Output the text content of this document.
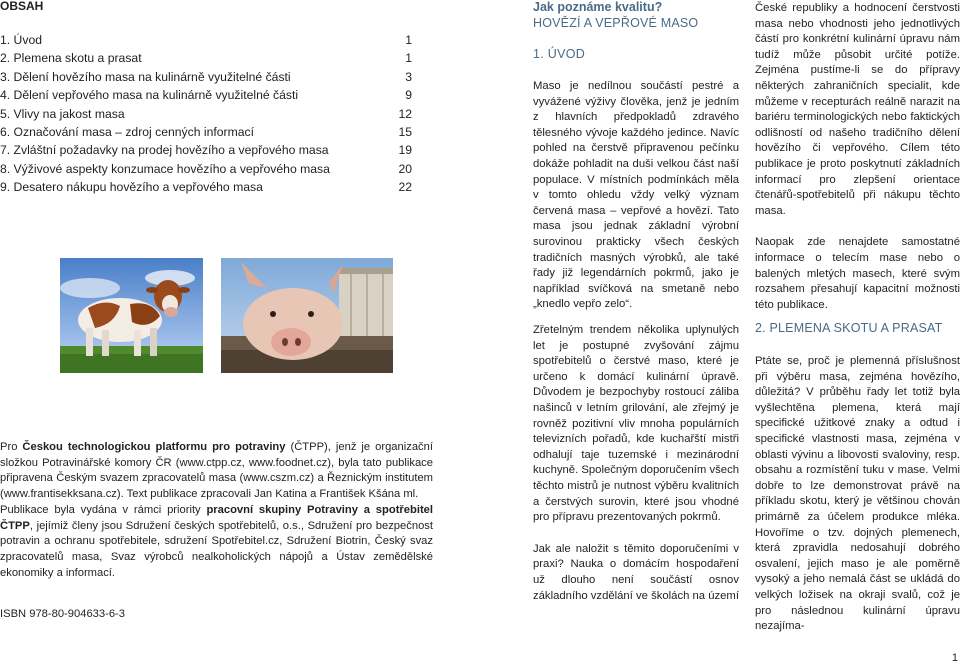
OBSAH
1. Úvod	1
2. Plemena skotu a prasat	1
3. Dělení hovězího masa na kulinárně využitelné části	3
4. Dělení vepřového masa na kulinárně využitelné části	9
5. Vlivy na jakost masa	12
6. Označování masa – zdroj cenných informací	15
7. Zvláštní požadavky na prodej hovězího a vepřového masa	19
8. Výživové aspekty konzumace hovězího a vepřového masa	20
9. Desatero nákupu hovězího a vepřového masa	22

Pro Českou technologickou platformu pro potraviny (ČTPP), jenž je organizační složkou Potravinářské komory ČR (www.ctpp.cz, www.foodnet.cz), byla tato publikace připravena Českým svazem zpracovatelů masa (www.cszm.cz) a Řeznickým institutem (www.frantisekksana.cz). Text publikace zpracovali Jan Katina a František Kšána ml.

Publikace byla vydána v rámci priority pracovní skupiny Potraviny a spotřebitel ČTPP, jejímiž členy jsou Sdružení českých spotřebitelů, o.s., Sdružení pro bezpečnost potravin a ochranu spotřebitele, sdružení Spotřebitel.cz, Sdružení Biotrin, Český svaz zpracovatelů masa, Svaz výrobců nealkoholických nápojů a Ústav zemědělské ekonomiky a informací.

ISBN 978-80-904633-6-3
Jak poznáme kvalitu?
HOVĚZÍ A VEPŘOVÉ MASO
1. ÚVOD

Maso je nedílnou součástí pestré a vyvážené výživy člověka, jenž je jedním z hlavních předpokladů zdravého tělesného vývoje každého jedince. Navíc pohled na čerstvě připravenou pečínku dokáže pohladit na duši velkou část naší populace. V místních podmínkách měla v tomto ohledu vždy velký význam červená masa – vepřové a hovězí. Tato masa jsou jednak základní výrobní surovinou prakticky všech českých tradičních masných výrobků, ale také řady již legendárních pokrmů, jako je například svíčková na smetaně nebo „knedlo vepřo zelo“.

Zřetelným trendem několika uplynulých let je postupné zvyšování zájmu spotřebitelů o čerstvé maso, které je určeno k domácí kulinární úpravě. Důvodem je bezpochyby rostoucí záliba našinců v letním grilování, ale zřejmý je rovněž pozitivní vliv mnoha populárních televizních pořadů, kde kuchařští mistři odhalují taje tuzemské i mezinárodní kuchyně. Společným doporučením všech těchto mistrů je nutnost výběru kvalitních a čerstvých surovin, které jsou vhodné pro přípravu prezentovaných pokrmů.

Jak ale naložit s těmito doporučeními v praxi? Nauka o domácím hospodaření už dlouho není součástí osnov základního vzdělání ve školách na území

České republiky a hodnocení čerstvosti masa nebo vhodnosti jeho jednotlivých částí pro konkrétní kulinární úpravu nám tudíž může působit určité potíže. Zejména pustíme-li se do přípravy některých zahraničních specialit, kde můžeme v recepturách reálně narazit na bariéru terminologických nebo faktických odlišností od našeho tradičního dělení hovězího či vepřového. Cílem této publikace je proto poskytnutí základních informací pro zlepšení orientace čtenářů-spotřebitelů při nákupu těchto masa.

Naopak zde nenajdete samostatné informace o telecím mase nebo o balených mletých masech, které svým rozsahem přesahují kapacitní možnosti této publikace.

2. PLEMENA SKOTU A PRASAT

Ptáte se, proč je plemenná příslušnost při výběru masa, zejména hovězího, důležitá? V průběhu řady let totiž byla vyšlechtěna plemena, která mají specifické užitkové znaky a odtud i specifické vlastnosti masa, zejména v oblasti vývinu a libovosti svaloviny, resp. obsahu a rozmístění tuku v mase. Velmi dobře to lze demonstrovat právě na příkladu skotu, který je většinou chován primárně za účelem produkce mléka. Hovoříme o tzv. dojných plemenech, která zpravidla nedosahují dobrého osvalení, jejich maso je ale poměrně vysoký a jeho nemalá část se ukládá do velkých ložisek na okraji svalů, což je pro následnou kulinární úpravu nezajíma-

1
